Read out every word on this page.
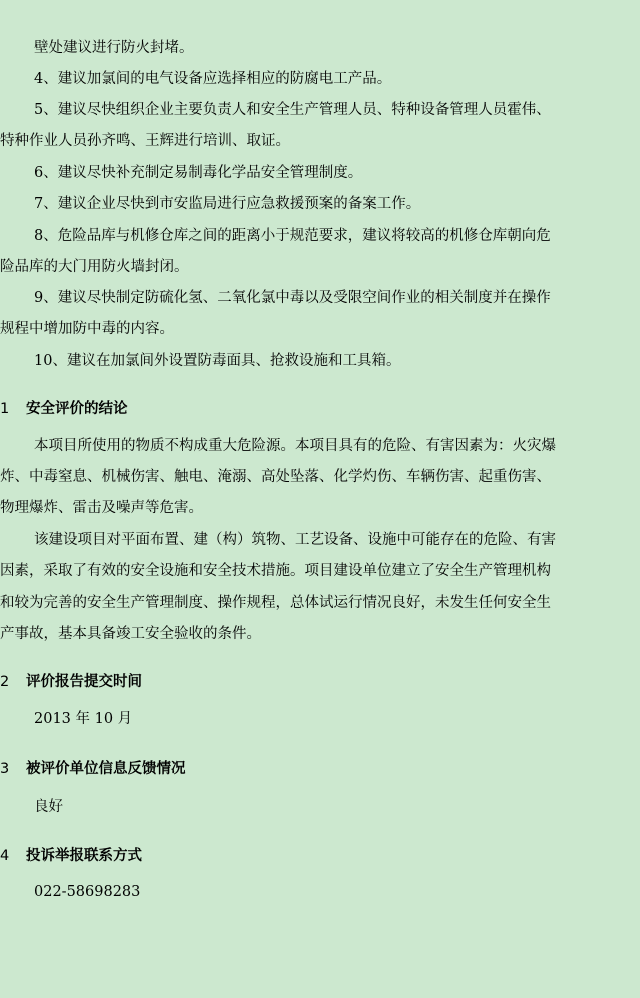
壁处建议进行防火封堵。
4、建议加氯间的电气设备应选择相应的防腐电工产品。
5、建议尽快组织企业主要负责人和安全生产管理人员、特种设备管理人员霍伟、
特种作业人员孙齐鸣、王辉进行培训、取证。
6、建议尽快补充制定易制毒化学品安全管理制度。
7、建议企业尽快到市安监局进行应急救援预案的备案工作。
8、危险品库与机修仓库之间的距离小于规范要求，建议将较高的机修仓库朝向危
险品库的大门用防火墙封闭。
9、建议尽快制定防硫化氢、二氧化氯中毒以及受限空间作业的相关制度并在操作
规程中增加防中毒的内容。
10、建议在加氯间外设置防毒面具、抢救设施和工具箱。
1 安全评价的结论
本项目所使用的物质不构成重大危险源。本项目具有的危险、有害因素为：火灾爆
炸、中毒窒息、机械伤害、触电、淹溺、高处坠落、化学灼伤、车辆伤害、起重伤害、
物理爆炸、雷击及噪声等危害。
该建设项目对平面布置、建（构）筑物、工艺设备、设施中可能存在的危险、有害
因素，采取了有效的安全设施和安全技术措施。项目建设单位建立了安全生产管理机构
和较为完善的安全生产管理制度、操作规程，总体试运行情况良好，未发生任何安全生
产事故，基本具备竣工安全验收的条件。
2 评价报告提交时间
2013 年 10 月
3 被评价单位信息反馈情况
良好
4 投诉举报联系方式
022-58698283
